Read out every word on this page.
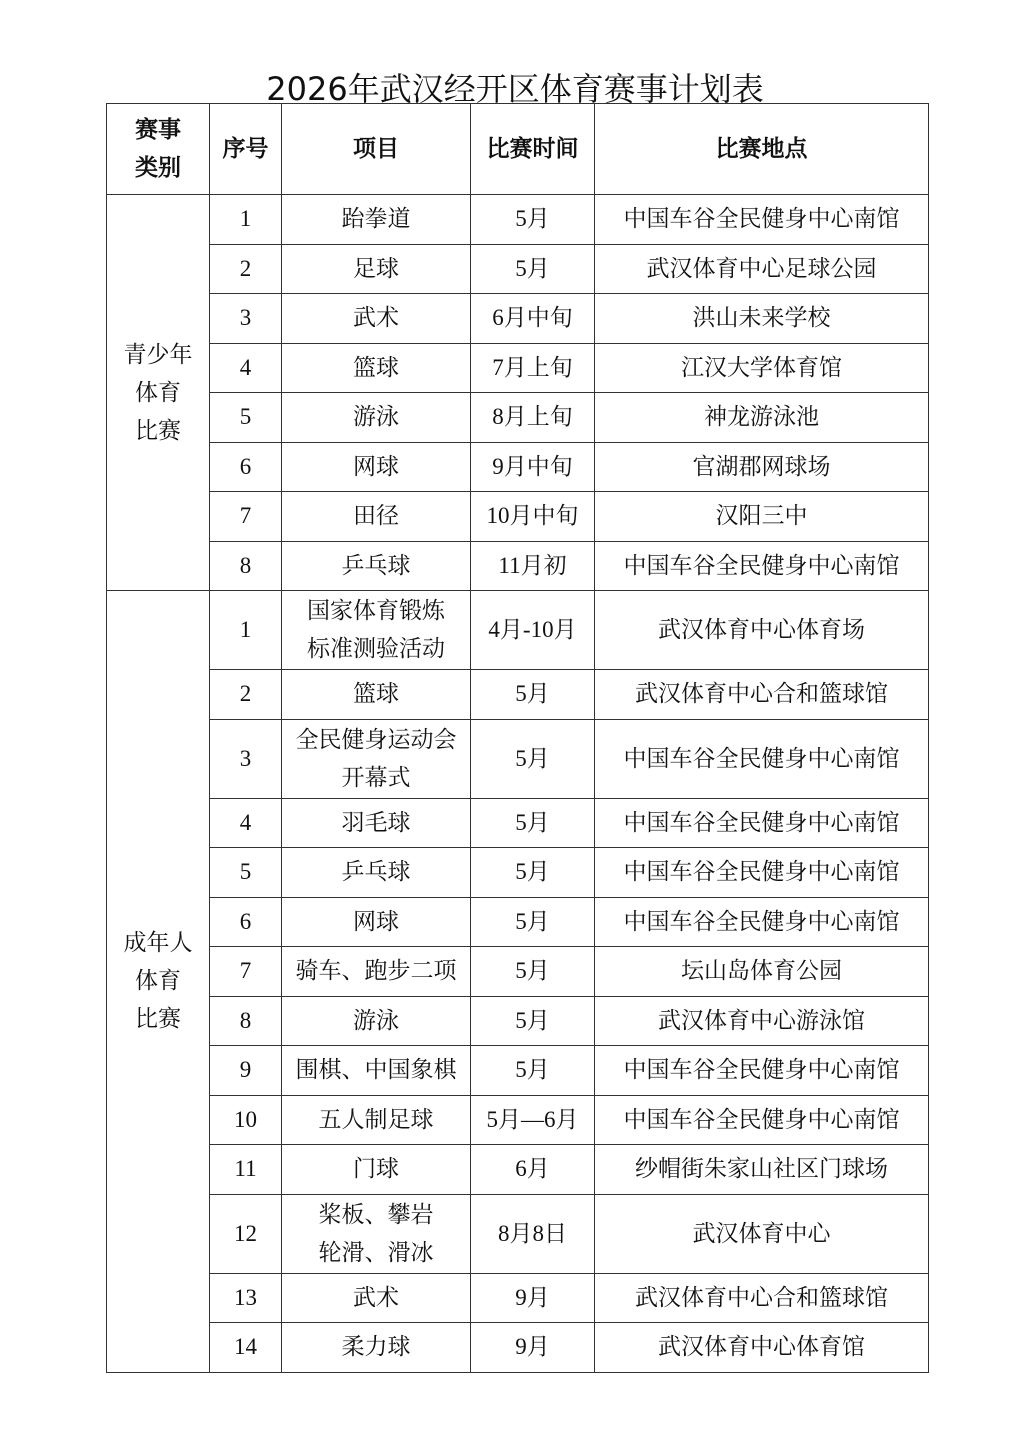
2026年武汉经开区体育赛事计划表
赛事
类别	序号	项目	比赛时间	比赛地点

青少年
体育
比赛	1	跆拳道	5月	中国车谷全民健身中心南馆
	2	足球	5月	武汉体育中心足球公园
	3	武术	6月中旬	洪山未来学校
	4	篮球	7月上旬	江汉大学体育馆
	5	游泳	8月上旬	神龙游泳池
	6	网球	9月中旬	官湖郡网球场
	7	田径	10月中旬	汉阳三中
	8	乒乓球	11月初	中国车谷全民健身中心南馆

成年人
体育
比赛	1	国家体育锻炼
标准测验活动	4月-10月	武汉体育中心体育场
	2	篮球	5月	武汉体育中心合和篮球馆
	3	全民健身运动会
开幕式	5月	中国车谷全民健身中心南馆
	4	羽毛球	5月	中国车谷全民健身中心南馆
	5	乒乓球	5月	中国车谷全民健身中心南馆
	6	网球	5月	中国车谷全民健身中心南馆
	7	骑车、跑步二项	5月	坛山岛体育公园
	8	游泳	5月	武汉体育中心游泳馆
	9	围棋、中国象棋	5月	中国车谷全民健身中心南馆
	10	五人制足球	5月—6月	中国车谷全民健身中心南馆
	11	门球	6月	纱帽街朱家山社区门球场
	12	桨板、攀岩
轮滑、滑冰	8月8日	武汉体育中心
	13	武术	9月	武汉体育中心合和篮球馆
	14	柔力球	9月	武汉体育中心体育馆
